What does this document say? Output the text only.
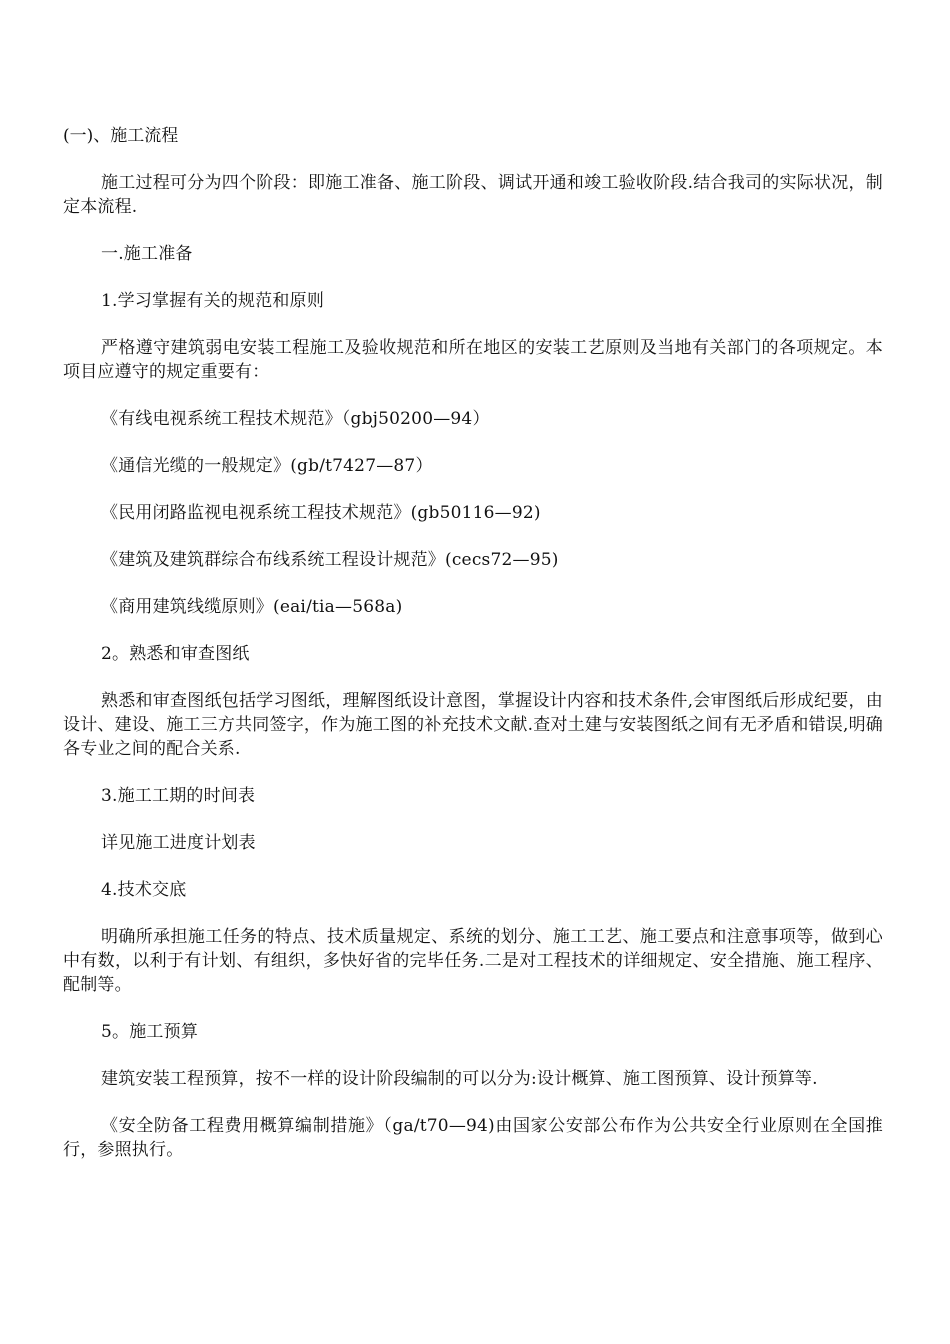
(一)、施工流程

施工过程可分为四个阶段：即施工准备、施工阶段、调试开通和竣工验收阶段.结合我司的实际状况，制定本流程.

一.施工准备

1.学习掌握有关的规范和原则

严格遵守建筑弱电安装工程施工及验收规范和所在地区的安装工艺原则及当地有关部门的各项规定。本项目应遵守的规定重要有：

《有线电视系统工程技术规范》（gbj50200—94）

《通信光缆的一般规定》(gb/t7427—87）

《民用闭路监视电视系统工程技术规范》(gb50116—92)

《建筑及建筑群综合布线系统工程设计规范》(cecs72—95)

《商用建筑线缆原则》(eai/tia—568a)

2。熟悉和审查图纸

熟悉和审查图纸包括学习图纸，理解图纸设计意图，掌握设计内容和技术条件,会审图纸后形成纪要，由设计、建设、施工三方共同签字，作为施工图的补充技术文献.查对土建与安装图纸之间有无矛盾和错误,明确各专业之间的配合关系.

3.施工工期的时间表

详见施工进度计划表

4.技术交底

明确所承担施工任务的特点、技术质量规定、系统的划分、施工工艺、施工要点和注意事项等，做到心中有数，以利于有计划、有组织，多快好省的完毕任务.二是对工程技术的详细规定、安全措施、施工程序、配制等。

5。施工预算

建筑安装工程预算，按不一样的设计阶段编制的可以分为:设计概算、施工图预算、设计预算等.

《安全防备工程费用概算编制措施》（ga/t70—94)由国家公安部公布作为公共安全行业原则在全国推行，参照执行。
